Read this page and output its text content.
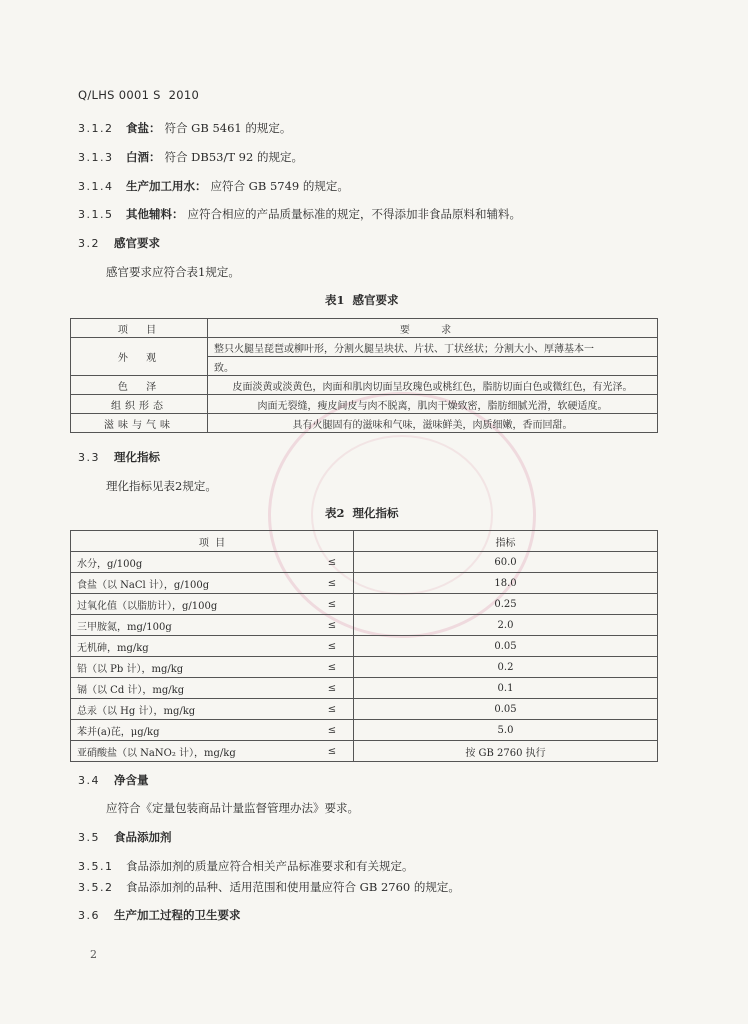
Q/LHS 0001 S  2010
3.1.2 食盐： 符合 GB 5461 的规定。
3.1.3 白酒： 符合 DB53/T 92 的规定。
3.1.4 生产加工用水： 应符合 GB 5749 的规定。
3.1.5 其他辅料： 应符合相应的产品质量标准的规定，不得添加非食品原料和辅料。
3.2 感官要求
感官要求应符合表1规定。
表1  感官要求
项  目	要 求
外  观	整只火腿呈琵琶或柳叶形，分割火腿呈块状、片状、丁状丝状；分割大小、厚薄基本一
	致。
色  泽	皮面淡黄或淡黄色，肉面和肌肉切面呈玫瑰色或桃红色，脂肪切面白色或微红色，有光泽。
组织形态	肉面无裂缝，瘦皮间皮与肉不脱离，肌肉干燥致密，脂肪细腻光滑，软硬适度。
滋味与气味	具有火腿固有的滋味和气味，滋味鲜美，肉质细嫩，香而回甜。
3.3 理化指标
理化指标见表2规定。
表2  理化指标
项  目		指标
水分，g/100g	≤	60.0
食盐（以 NaCl 计），g/100g	≤	18.0
过氧化值（以脂肪计），g/100g	≤	0.25
三甲胺氮，mg/100g	≤	2.0
无机砷，mg/kg	≤	0.05
铅（以 Pb 计），mg/kg	≤	0.2
镉（以 Cd 计），mg/kg	≤	0.1
总汞（以 Hg 计），mg/kg	≤	0.05
苯并(a)芘，μg/kg	≤	5.0
亚硝酸盐（以 NaNO₂ 计），mg/kg	≤	按 GB 2760 执行
3.4 净含量
应符合《定量包装商品计量监督管理办法》要求。
3.5 食品添加剂
3.5.1 食品添加剂的质量应符合相关产品标准要求和有关规定。
3.5.2 食品添加剂的品种、适用范围和使用量应符合 GB 2760 的规定。
3.6 生产加工过程的卫生要求
2
